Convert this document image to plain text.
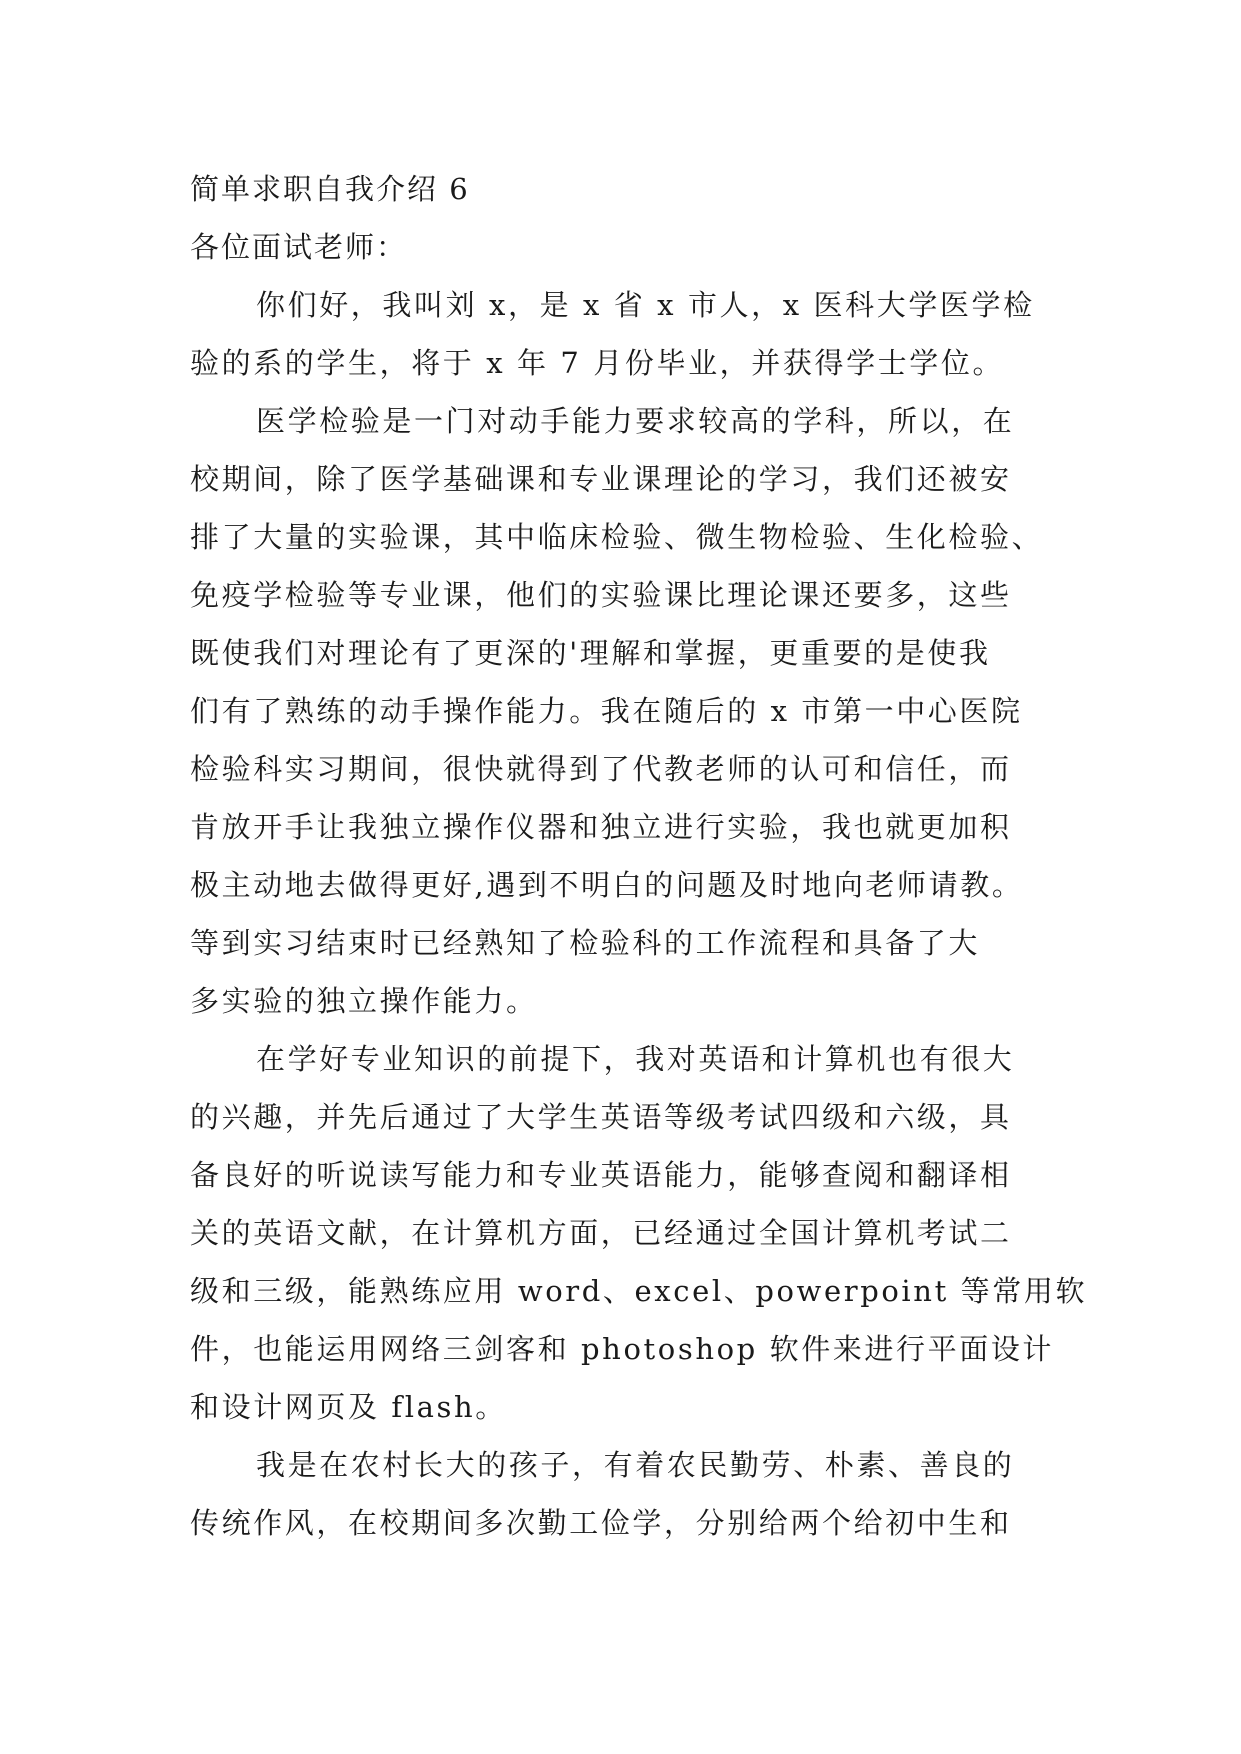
简单求职自我介绍 6
各位面试老师：
你们好，我叫刘 x，是 x 省 x 市人，x 医科大学医学检
验的系的学生，将于 x 年 7 月份毕业，并获得学士学位。
医学检验是一门对动手能力要求较高的学科，所以，在
校期间，除了医学基础课和专业课理论的学习，我们还被安
排了大量的实验课，其中临床检验、微生物检验、生化检验、
免疫学检验等专业课，他们的实验课比理论课还要多，这些
既使我们对理论有了更深的'理解和掌握，更重要的是使我
们有了熟练的动手操作能力。我在随后的 x 市第一中心医院
检验科实习期间，很快就得到了代教老师的认可和信任，而
肯放开手让我独立操作仪器和独立进行实验，我也就更加积
极主动地去做得更好,遇到不明白的问题及时地向老师请教。
等到实习结束时已经熟知了检验科的工作流程和具备了大
多实验的独立操作能力。
在学好专业知识的前提下，我对英语和计算机也有很大
的兴趣，并先后通过了大学生英语等级考试四级和六级，具
备良好的听说读写能力和专业英语能力，能够查阅和翻译相
关的英语文献，在计算机方面，已经通过全国计算机考试二
级和三级，能熟练应用 word、excel、powerpoint 等常用软
件，也能运用网络三剑客和 photoshop 软件来进行平面设计
和设计网页及 flash。
我是在农村长大的孩子，有着农民勤劳、朴素、善良的
传统作风，在校期间多次勤工俭学，分别给两个给初中生和
